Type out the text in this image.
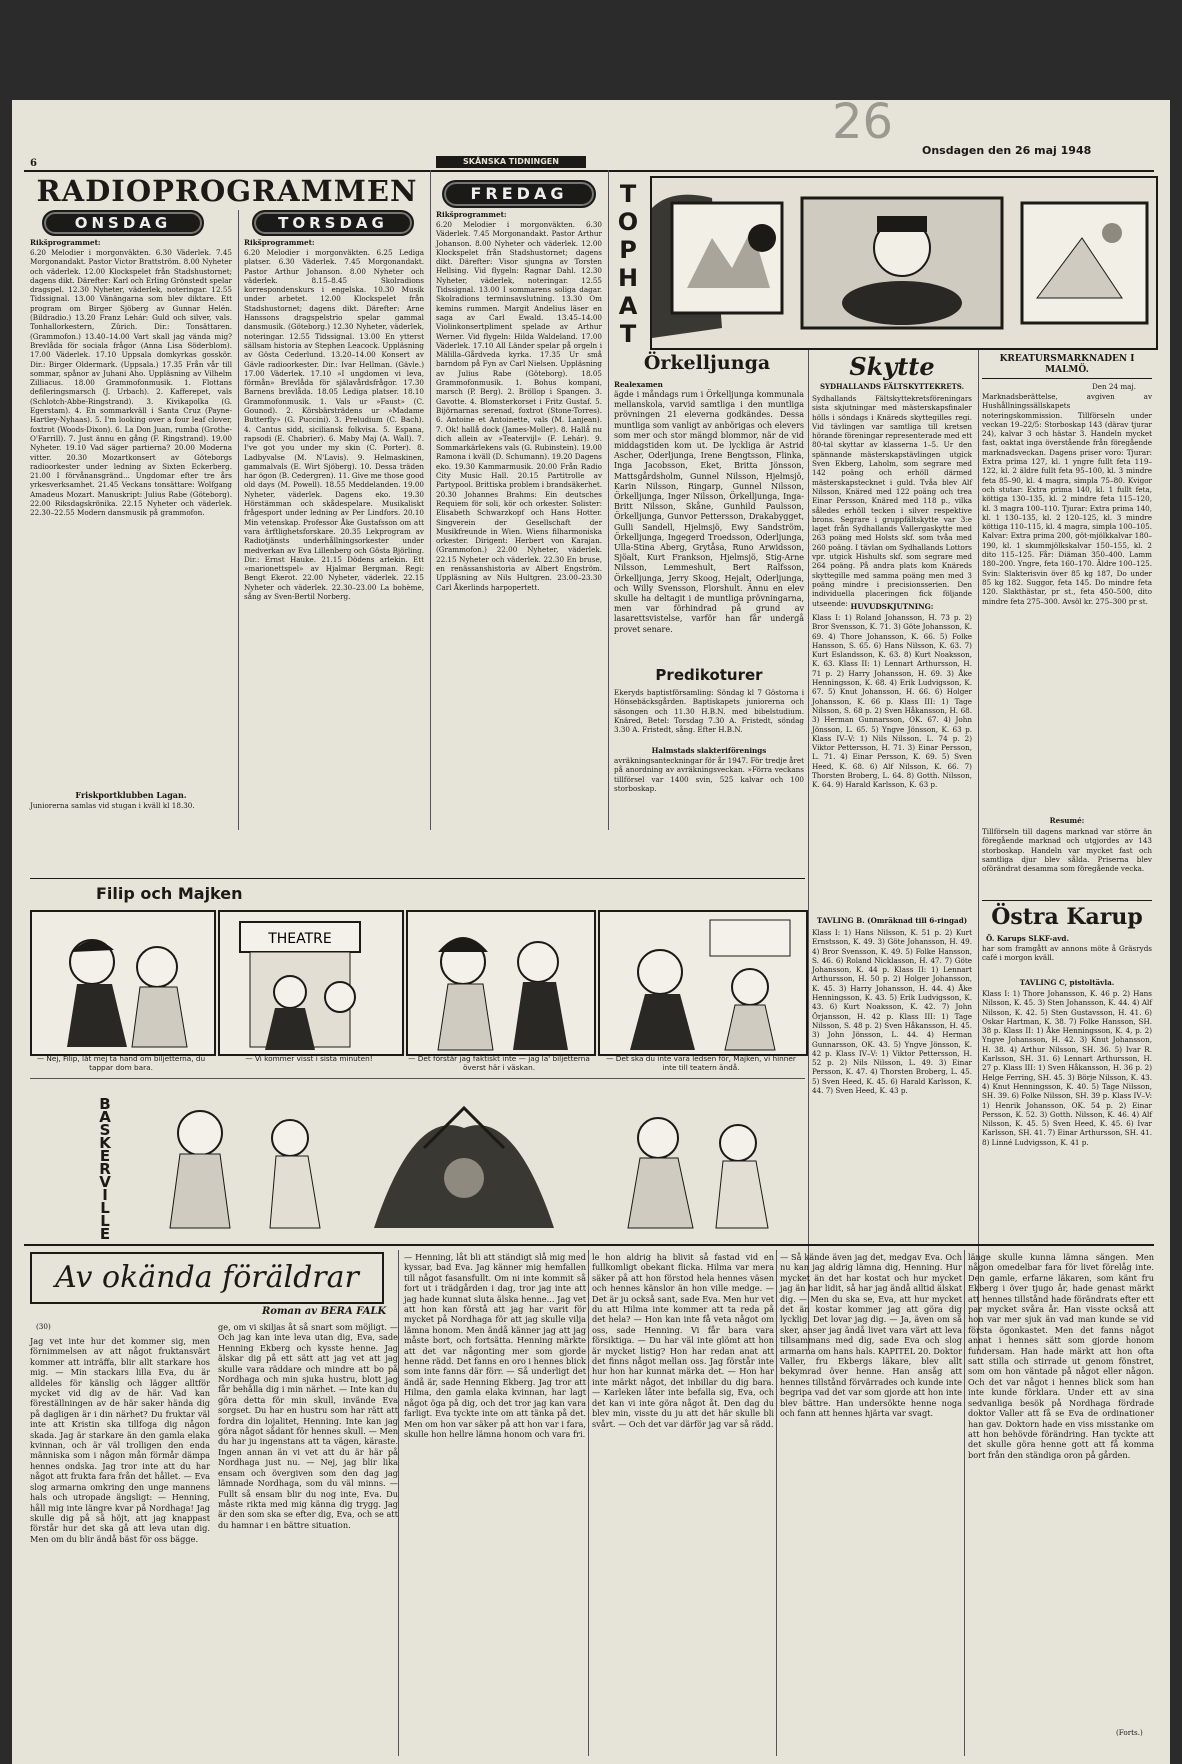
6	SKÅNSKA TIDNINGEN
Onsdagen den 26 maj 1948
26
RADIOPROGRAMMEN
ONSDAG
Rikšprogrammet:
6.20 Melodier i morgonväkten. 6.30 Väderlek. 7.45 Morgonandakt. Pastor Victor Brattström. 8.00 Nyheter och väderlek. 12.00 Klockspelet från Stadshustornet; dagens dikt. Därefter: Karl och Erling Grönstedt spelar dragspel. 12.30 Nyheter, väderlek, noteringar. 12.55 Tidssignal. 13.00 Vänängarna som blev diktare. Ett program om Birger Sjöberg av Gunnar Helén. (Bildradio.) 13.20 Franz Lehár: Guld och silver, vals. Tonhallorkestern, Zürich. Dir.: Tonsättaren. (Grammofon.) 13.40–14.00 Vart skall jag vända mig? Brevlåda för sociala frågor (Anna Lisa Söderblom). 17.00 Väderlek. 17.10 Uppsala domkyrkas gosskör. Dir.: Birger Oldermark. (Uppsala.) 17.35 Från vår till sommar, spånor av Juhani Aho. Uppläsning av Vilhelm Zilliacus. 18.00 Grammofonmusik. 1. Flottans defileringsmarsch (J. Urbach). 2. Kafferepet, vals (Schlotch-Abbe-Ringstrand). 3. Kivikapolka (G. Egerstam). 4. En sommarkväll i Santa Cruz (Payne-Hartley-Nyhaas). 5. I'm looking over a four leaf clover, foxtrot (Woods-Dixon). 6. La Don Juan, rumba (Grothe-O'Farrill). 7. Just ännu en gång (F. Ringstrand). 19.00 Nyheter. 19.10 Vad säger partierna? 20.00 Moderna vitter. 20.30 Mozartkonsert av Göteborgs radioorkester under ledning av Sixten Eckerberg. 21.00 I förvånansgränd... Ungdomar efter tre års yrkesverksamhet. 21.45 Veckans tonsättare: Wolfgang Amadeus Mozart. Manuskript: Julius Rabe (Göteborg). 22.00 Riksdagskrönika. 22.15 Nyheter och väderlek. 22.30–22.55 Modern dansmusik på grammofon.
Friskportklubben Lagan.
Juniorerna samlas vid stugan i kväll kl 18.30.
TORSDAG
Rikšprogrammet:
6.20 Melodier i morgonväkten. 6.25 Lediga platser. 6.30 Väderlek. 7.45 Morgonandakt. Pastor Arthur Johanson. 8.00 Nyheter och väderlek. 8.15–8.45 Skolradions korrespondenskurs i engelska. 10.30 Musik under arbetet. 12.00 Klockspelet från Stadshustornet; dagens dikt. Därefter: Arne Hanssons dragspelstrio spelar gammal dansmusik. (Göteborg.) 12.30 Nyheter, väderlek, noteringar. 12.55 Tidssignal. 13.00 En ytterst sällsam historia av Stephen Leacock. Uppläsning av Gösta Cederlund. 13.20–14.00 Konsert av Gävle radioorkester. Dir.: Ivar Hellman. (Gävle.) 17.00 Väderlek. 17.10 »I ungdomen vi leva, förmån» Brevlåda för själavårdsfrågor. 17.30 Barnens brevlåda. 18.05 Lediga platser. 18.10 Grammofonmusik. 1. Vals ur »Faust» (C. Gounod). 2. Körsbärsträdens ur »Madame Butterfly» (G. Puccini). 3. Preludium (C. Bach). 4. Cantus sidd, siciliansk folkvisa. 5. Espana, rapsodi (E. Chabrier). 6. Maby Maj (A. Wall). 7. I've got you under my skin (C. Porter). 8. Ladbyvalse (M. N'Lavis). 9. Helmaskinen, gammalvals (E. Wirt Sjöberg). 10. Dessa träden har ögon (B. Cedergren). 11. Give me those good old days (M. Powell). 18.55 Meddelanden. 19.00 Nyheter, väderlek. Dagens eko. 19.30 Hörstämman och skådespelare. Musikaliskt frågesport under ledning av Per Lindfors. 20.10 Min vetenskap. Professor Åke Gustafsson om att vara ärftlighetsforskare. 20.35 Lekprogram av Radiotjänsts underhållningsorkester under medverkan av Eva Lillenberg och Gösta Björling. Dir.: Ernst Hauke. 21.15 Dödens arlekin. Ett »marionettspel» av Hjalmar Bergman. Regi: Bengt Ekerot. 22.00 Nyheter, väderlek. 22.15 Nyheter och väderlek. 22.30–23.00 La bohème, sång av Sven-Bertil Norberg.
FREDAG
Rikšprogrammet:
6.20 Melodier i morgonväkten. 6.30 Väderlek. 7.45 Morgonandakt. Pastor Arthur Johanson. 8.00 Nyheter och väderlek. 12.00 Klockspelet från Stadshustornet; dagens dikt. Därefter: Visor sjungna av Torsten Hellsing. Vid flygeln: Ragnar Dahl. 12.30 Nyheter, väderlek, noteringar. 12.55 Tidssignal. 13.00 I sommarens soliga dagar. Skolradions terminsavslutning. 13.30 Om kemins rummen. Margit Andelius läser en saga av Carl Ewald. 13.45–14.00 Violinkonsertpliment spelade av Arthur Werner. Vid flygeln: Hilda Waldeland. 17.00 Väderlek. 17.10 All Länder spelar på orgeln i Mälilla–Gårdveda kyrka. 17.35 Ur små barndom på Fyn av Carl Nielsen. Uppläsning av Julius Rabe (Göteborg). 18.05 Grammofonmusik. 1. Bohus kompani, marsch (P. Berg). 2. Bröllop i Spangen. 3. Gavotte. 4. Blomsterkorset i Fritz Gustaf. 5. Bijörnarnas serenad, foxtrot (Stone-Torres). 6. Antoine et Antoinette, vals (M. Lanjean). 7. Ok! hallå dock (James-Moller). 8. Hallå nu dich allein av »Teatervijl» (F. Lehár). 9. Sommarkärlekens vals (G. Rubinstein). 19.00 Ramona i kväll (D. Schumann). 19.20 Dagens eko. 19.30 Kammarmusik. 20.00 Från Radio City Music Hall. 20.15 Partitrolle av Partypool. Brittiska problem i brandsäkerhet. 20.30 Johannes Brahms: Ein deutsches Requiem för soli, kör och orkester. Solister: Elisabeth Schwarzkopf och Hans Hotter. Singverein der Gesellschaft der Musikfreunde in Wien. Wiens filharmoniska orkester. Dirigent: Herbert von Karajan. (Grammofon.) 22.00 Nyheter, väderlek. 22.15 Nyheter och väderlek. 22.30 En bruse, en renässanshistoria av Albert Engström. Uppläsning av Nils Hultgren. 23.00–23.30 Carl Åkerlinds harpopertett.
T
O
P
H
A
T
Örkelljunga
Realexamen
ägde i måndags rum i Örkelljunga kommunala mellanskola, varvid samtliga i den muntliga prövningen 21 eleverna godkändes. Dessa muntliga som vanligt av anbörigas och elevers som mer och stor mängd blommor, när de vid middagstiden kom ut. De lyckliga är Astrid Ascher, Oderljunga, Irene Bengtsson, Flinka, Inga Jacobsson, Eket, Britta Jönsson, Mattsgårdsholm, Gunnel Nilsson, Hjelmsjö, Karin Nilsson, Ringarp, Gunnel Nilsson, Örkelljunga, Inger Nilsson, Örkelljunga, Inga-Britt Nilsson, Skåne, Gunhild Paulsson, Örkelljunga, Gunvor Pettersson, Drakabygget, Gulli Sandell, Hjelmsjö, Ewy Sandström, Örkelljunga, Ingegerd Troedsson, Oderljunga, Ulla-Stina Aberg, Grytåsa, Runo Arwidsson, Sjöalt, Kurt Frankson, Hjelmsjö, Stig-Arne Nilsson, Lemmeshult, Bert Ralfsson, Örkelljunga, Jerry Skoog, Hejalt, Oderljunga, och Willy Svensson, Florshult. Ännu en elev skulle ha deltagit i de muntliga prövningarna, men var förhindrad på grund av lasarettsvistelse, varför han får undergå provet senare.
Predikoturer
Ekeryds baptistförsamling: Söndag kl 7 Göstorna i Hönsebäcksgården. Baptiskapets juniorerna och säsongen och 11.30 H.B.N. med bibelstudium. Knäred, Betel: Torsdag 7.30 A. Fristedt, söndag 3.30 A. Fristedt, sång. Efter H.B.N.
Halmstads slakteriförenings
avräkningsanteckningar för år 1947. För tredje året på anordning av avräkningsveckan. »Förra veckans tillförsel var 1400 svin, 525 kalvar och 100 storboskap.
Skytte
SYDHALLANDS FÄLTSKYTTEKRETS.
Sydhallands Fältskyttekretsföreningars sista skjutningar med mästerskapsfinaler hölls i söndags i Knäreds skyttegilles regi. Vid tävlingen var samtliga till kretsen hörande föreningar representerade med ett 80-tal skyttar av klasserna 1–5. Ur den spännande mästerskapstävlingen utgick Sven Ekberg, Laholm, som segrare med 142 poäng och erhöll därmed mästerskapstecknet i guld. Tvåa blev Alf Nilsson, Knäred med 122 poäng och trea Einar Persson, Knäred med 118 p., vilka således erhöll tecken i silver respektive brons. Segrare i gruppfältskytte var 3:e laget från Sydhallands Vallergaskytte med 263 poäng med Holsts skf. som tvåa med 260 poäng. I tävlan om Sydhallands Lottors vpr. utgick Hishults skf. som segrare med 264 poäng. På andra plats kom Knäreds skyttegille med samma poäng men med 3 poäng mindre i precisionsserien. Den individuella placeringen fick följande utseende: HUVUDSKJUTNING:
Klass I: 1) Roland Johansson, H. 73 p. 2) Bror Svensson, K. 71. 3) Göte Johansson, K. 69. 4) Thore Johansson, K. 66. 5) Folke Hansson, S. 65. 6) Hans Nilsson, K. 63. 7) Kurt Eslandsson, K. 63. 8) Kurt Noaksson, K. 63. Klass II: 1) Lennart Arthursson, H. 71 p. 2) Harry Johansson, H. 69. 3) Åke Henningsson, K. 68. 4) Erik Ludvigsson, K. 67. 5) Knut Johansson, H. 66. 6) Holger Johansson, K. 66 p. Klass III: 1) Tage Nilsson, S. 68 p. 2) Sven Håkansson, H. 68. 3) Herman Gunnarsson, OK. 67. 4) John Jönsson, L. 65. 5) Yngve Jönsson, K. 63 p. Klass IV–V: 1) Nils Nilsson, L. 74 p. 2) Viktor Pettersson, H. 71. 3) Einar Persson, L. 71. 4) Einar Persson, K. 69. 5) Sven Heed, K. 68. 6) Alf Nilsson, K. 66. 7) Thorsten Broberg, L. 64. 8) Gotth. Nilsson, K. 64. 9) Harald Karlsson, K. 63 p.
TAVLING B. (Omräknad till 6-ringad)
Klass I: 1) Hans Nilsson, K. 51 p. 2) Kurt Ernstsson, K. 49. 3) Göte Johansson, H. 49. 4) Bror Svensson, K. 49. 5) Folke Hansson, S. 46. 6) Roland Nicklasson, H. 47. 7) Göte Johansson, K. 44 p. Klass II: 1) Lennart Arthursson, H. 50 p. 2) Holger Johansson, K. 45. 3) Harry Johansson, H. 44. 4) Åke Henningsson, K. 43. 5) Erik Ludvigsson, K. 43. 6) Kurt Noaksson, K. 42. 7) John Örjansson, H. 42 p. Klass III: 1) Tage Nilsson, S. 48 p. 2) Sven Håkansson, H. 45. 3) John Jönsson, L. 44. 4) Herman Gunnarsson, OK. 43. 5) Yngve Jönsson, K. 42 p. Klass IV–V: 1) Viktor Pettersson, H. 52 p. 2) Nils Nilsson, L. 49. 3) Einar Persson, K. 47. 4) Thorsten Broberg, L. 45. 5) Sven Heed, K. 45. 6) Harald Karlsson, K. 44. 7) Sven Heed, K. 43 p.
KREATURSMARKNADEN I MALMÖ.
Den 24 maj.
Marknadsberättelse, avgiven av Hushållningssällskapets noteringskommission. Tillförseln under veckan 19–22/5: Storboskap 143 (därav tjurar 24), kalvar 3 och hästar 3. Handeln mycket fast, oaktat inga överstående från föregående marknadsveckan. Dagens priser voro: Tjurar: Extra prima 127, kl. 1 yngre fullt feta 119–122, kl. 2 äldre fullt feta 95–100, kl. 3 mindre feta 85–90, kl. 4 magra, simpla 75–80. Kvigor och stutar: Extra prima 140, kl. 1 fullt feta, köttiga 130–135, kl. 2 mindre feta 115–120, kl. 3 magra 100–110. Tjurar: Extra prima 140, kl. 1 130–135, kl. 2 120–125, kl. 3 mindre köttiga 110–115, kl. 4 magra, simpla 100–105. Kalvar: Extra prima 200, göt-mjölkkalvar 180–190, kl. 1 skummjölkskalvar 150–155, kl. 2 dito 115–125. Får: Diäman 350–400. Lamm 180–200. Yngre, feta 160–170. Äldre 100–125. Svin: Slakterisvin över 85 kg 187, Do under 85 kg 182. Suggor, feta 145. Do mindre feta 120. Slakthästar, pr st., feta 450–500, dito mindre feta 275–300. Avsöl kr. 275–300 pr st.
Resumé:
Tillförseln till dagens marknad var större än föregående marknad och utgjordes av 143 storboskap. Handeln var mycket fast och samtliga djur blev sålda. Priserna blev oförändrat desamma som föregående vecka.
Östra Karup
Ö. Karups SLKF-avd.
har som framgått av annons möte å Gräsryds café i morgon kväll.
TAVLING C, pistoltävla.
Klass I: 1) Thore Johansson, K. 46 p. 2) Hans Nilsson, K. 45. 3) Sten Johansson, K. 44. 4) Alf Nilsson, K. 42. 5) Sten Gustavsson, H. 41. 6) Oskar Hartman, K. 38. 7) Folke Hansson, SH. 38 p. Klass II: 1) Åke Henningsson, K. 4, p. 2) Yngve Johansson, H. 42. 3) Knut Johansson, H. 38. 4) Arthur Nilsson, SH. 36. 5) Ivar R. Karlsson, SH. 31. 6) Lennart Arthursson, H. 27 p. Klass III: 1) Sven Håkansson, H. 36 p. 2) Helge Ferring, SH. 45. 3) Börje Nilsson, K. 43. 4) Knut Henningsson, K. 40. 5) Tage Nilsson, SH. 39. 6) Folke Nilsson, SH. 39 p. Klass IV–V: 1) Henrik Johansson, OK. 54 p. 2) Einar Persson, K. 52. 3) Gotth. Nilsson, K. 46. 4) Alf Nilsson, K. 45. 5) Sven Heed, K. 45. 6) Ivar Karlsson, SH. 41. 7) Einar Arthursson, SH. 41. 8) Linné Ludvigsson, K. 41 p.
Filip och Majken
THEATRE
— Nej, Filip, låt mej ta hand om biljetterna, du tappar dom bara.
— Vi kommer visst i sista minuten!	— Det förstår jag faktiskt inte — jag la' biljetterna överst här i väskan.
— Det ska du inte vara ledsen för, Majken, vi hinner inte till teatern ändå.
B
A
S
K
E
R
V
I
L
L
E
Av okända föräldrar
Roman av BERA FALK
(30)
Jag vet inte hur det kommer sig, men förnimmelsen av att något fruktansvärt kommer att inträffa, blir allt starkare hos mig. — Min stackars lilla Eva, du är alldeles för känslig och lägger alltför mycket vid dig av de här. Vad kan föreställningen av de här saker hända dig på dagligen är i din närhet? Du fruktar väl inte att Kristin ska tillfoga dig någon skada. Jag är starkare än den gamla elaka kvinnan, och är väl trolligen den enda människa som i någon mån förmår dämpa hennes ondska. Jag tror inte att du har något att frukta fara från det hållet. — Eva slog armarna omkring den unge mannens hals och utropade ängsligt: — Henning, håll mig inte längre kvar på Nordhaga! Jag skulle dig på så höjt, att jag knappast förstår hur det ska gå att leva utan dig. Men om du blir ändå bäst för oss bägge.
ge, om vi skiljas åt så snart som möjligt. — Och jag kan inte leva utan dig, Eva, sade Henning Ekberg och kysste henne. Jag älskar dig på ett sätt att jag vet att jag skulle vara räddare och mindre att bo på Nordhaga och min sjuka hustru, blott jag får behålla dig i min närhet. — Inte kan du göra detta för min skull, invände Eva sorgset. Du har en hustru som har rätt att fordra din lojalitet, Henning. Inte kan jag göra något sådant för hennes skull. — Men du har ju ingenstans att ta vägen, käraste. Ingen annan än vi vet att du är här på Nordhaga just nu. — Nej, jag blir lika ensam och övergiven som den dag jag lämnade Nordhaga, som du väl minns. — Fullt så ensam blir du nog inte, Eva. Du måste rikta med mig känna dig trygg. Jag är den som ska se efter dig, Eva, och se att du hamnar i en bättre situation.
— Henning, låt bli att ständigt slå mig med kyssar, bad Eva. Jag känner mig hemfallen till något fasansfullt. Om ni inte kommit så fort ut i trädgården i dag, tror jag inte att jag hade kunnat sluta älska henne... Jag vet att hon kan förstå att jag har varit för mycket på Nordhaga för att jag skulle vilja lämna honom. Men ändå känner jag att jag måste bort, och fortsätta. Henning märkte att det var någonting mer som gjorde henne rädd. Det fanns en oro i hennes blick som inte fanns där förr. — Så underligt det ändå är, sade Henning Ekberg. Jag tror att Hilma, den gamla elaka kvinnan, har lagt något öga på dig, och det tror jag kan vara farligt. Eva tyckte inte om att tänka på det. Men om hon var säker på att hon var i fara, skulle hon hellre lämna honom och vara fri.
le hon aldrig ha blivit så fastad vid en fullkomligt obekant flicka. Hilma var mera säker på att hon förstod hela hennes väsen och hennes känslor än hon ville medge. — Det är ju också sant, sade Eva. Men hur vet du att Hilma inte kommer att ta reda på det hela? — Hon kan inte få veta något om oss, sade Henning. Vi får bara vara försiktiga. — Du har väl inte glömt att hon är mycket listig? Hon har redan anat att det finns något mellan oss. Jag förstår inte hur hon har kunnat märka det. — Hon har inte märkt något, det inbillar du dig bara. — Karleken låter inte befalla sig, Eva, och det kan vi inte göra något åt. Den dag du blev min, visste du ju att det här skulle bli svårt. — Och det var därför jag var så rädd.
— Så kände även jag det, medgav Eva. Och nu kan jag aldrig lämna dig, Henning. Hur mycket än det har kostat och hur mycket jag än har lidit, så har jag ändå alltid älskat dig. — Men du ska se, Eva, att hur mycket det än kostar kommer jag att göra dig lycklig. Det lovar jag dig. — Ja, även om så sker, anser jag ändå livet vara värt att leva tillsammans med dig, sade Eva och slog armarna om hans hals. KAPITEL 20. Doktor Valler, fru Ekbergs läkare, blev allt bekymrad över henne. Han ansåg att hennes tillstånd förvärrades och kunde inte begripa vad det var som gjorde att hon inte blev bättre. Han undersökte henne noga och fann att hennes hjärta var svagt.
länge skulle kunna lämna sängen. Men någon omedelbar fara för livet förelåg inte. Den gamle, erfarne läkaren, som känt fru Ekberg i över tjugo år, hade genast märkt att hennes tillstånd hade förändrats efter ett par mycket svåra år. Han visste också att hon var mer sjuk än vad man kunde se vid första ögonkastet. Men det fanns något annat i hennes sätt som gjorde honom fundersam. Han hade märkt att hon ofta satt stilla och stirrade ut genom fönstret, som om hon väntade på något eller någon. Och det var något i hennes blick som han inte kunde förklara. Under ett av sina sedvanliga besök på Nordhaga fördrade doktor Valler att få se Eva de ordinationer han gav. Doktorn hade en viss misstanke om att hon behövde förändring. Han tyckte att det skulle göra henne gott att få komma bort från den ständiga oron på gården.
(Forts.)
